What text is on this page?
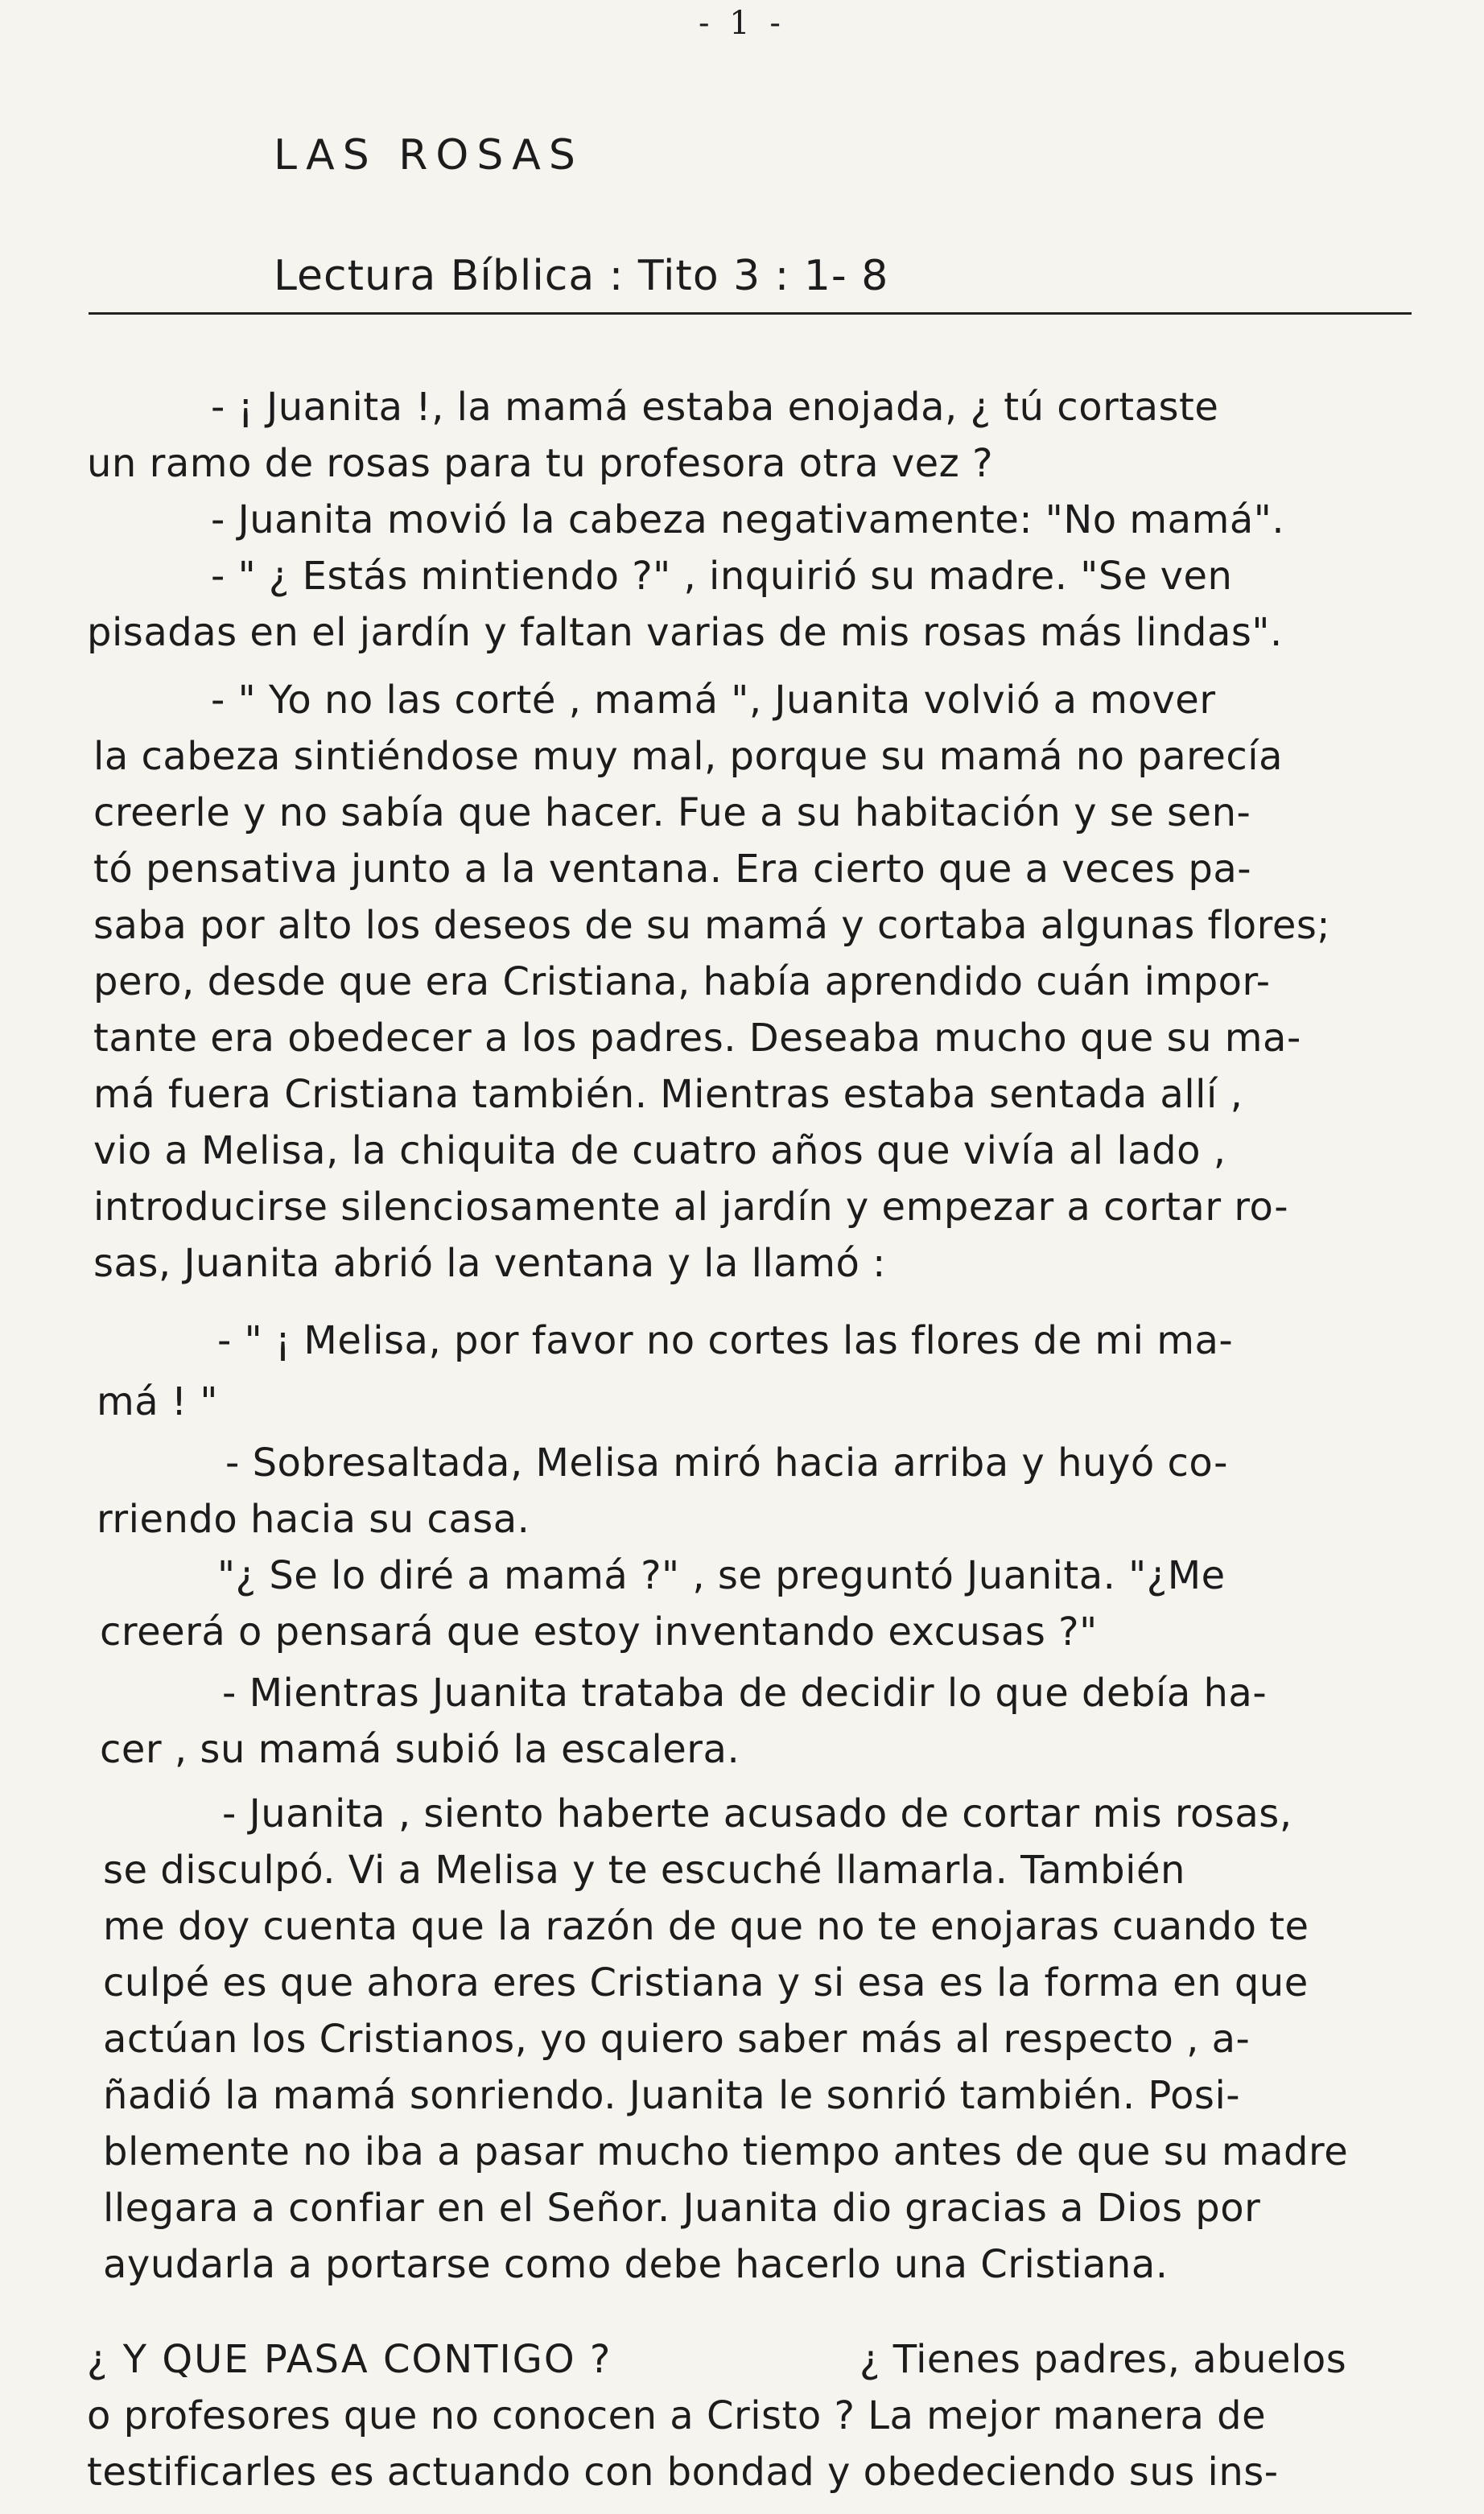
- 1 -
LAS ROSAS
Lectura Bíblica : Tito 3 : 1- 8
- ¡ Juanita !, la mamá estaba enojada, ¿ tú cortaste
un ramo de rosas para tu profesora otra vez ?
- Juanita movió la cabeza negativamente: "No mamá".
- " ¿ Estás mintiendo ?" , inquirió su madre. "Se ven
pisadas en el jardín y faltan varias de mis rosas más lindas".
- " Yo no las corté , mamá ", Juanita volvió a mover
la cabeza sintiéndose muy mal, porque su mamá no parecía
creerle y no sabía que hacer. Fue a su habitación y se sen-
tó pensativa junto a la ventana. Era cierto que a veces pa-
saba por alto los deseos de su mamá y cortaba algunas flores;
pero, desde que era Cristiana, había aprendido cuán impor-
tante era obedecer a los padres. Deseaba mucho que su ma-
má fuera Cristiana también. Mientras estaba sentada allí ,
vio a Melisa, la chiquita de cuatro años que vivía al lado ,
introducirse silenciosamente al jardín y empezar a cortar ro-
sas, Juanita abrió la ventana y la llamó :
- " ¡ Melisa, por favor no cortes las flores de mi ma-
má ! "
- Sobresaltada, Melisa miró hacia arriba y huyó co-
rriendo hacia su casa.
"¿ Se lo diré a mamá ?" , se preguntó Juanita. "¿Me
creerá o pensará que estoy inventando excusas ?"
- Mientras Juanita trataba de decidir lo que debía ha-
cer , su mamá subió la escalera.
- Juanita , siento haberte acusado de cortar mis rosas,
se disculpó. Vi a Melisa y te escuché llamarla. También
me doy cuenta que la razón de que no te enojaras cuando te
culpé es que ahora eres Cristiana y si esa es la forma en que
actúan los Cristianos, yo quiero saber más al respecto , a-
ñadió la mamá sonriendo. Juanita le sonrió también. Posi-
blemente no iba a pasar mucho tiempo antes de que su madre
llegara a confiar en el Señor. Juanita dio gracias a Dios por
ayudarla a portarse como debe hacerlo una Cristiana.
¿ Y QUE PASA CONTIGO ?	¿ Tienes padres, abuelos
o profesores que no conocen a Cristo ? La mejor manera de
testificarles es actuando con bondad y obedeciendo sus ins-
